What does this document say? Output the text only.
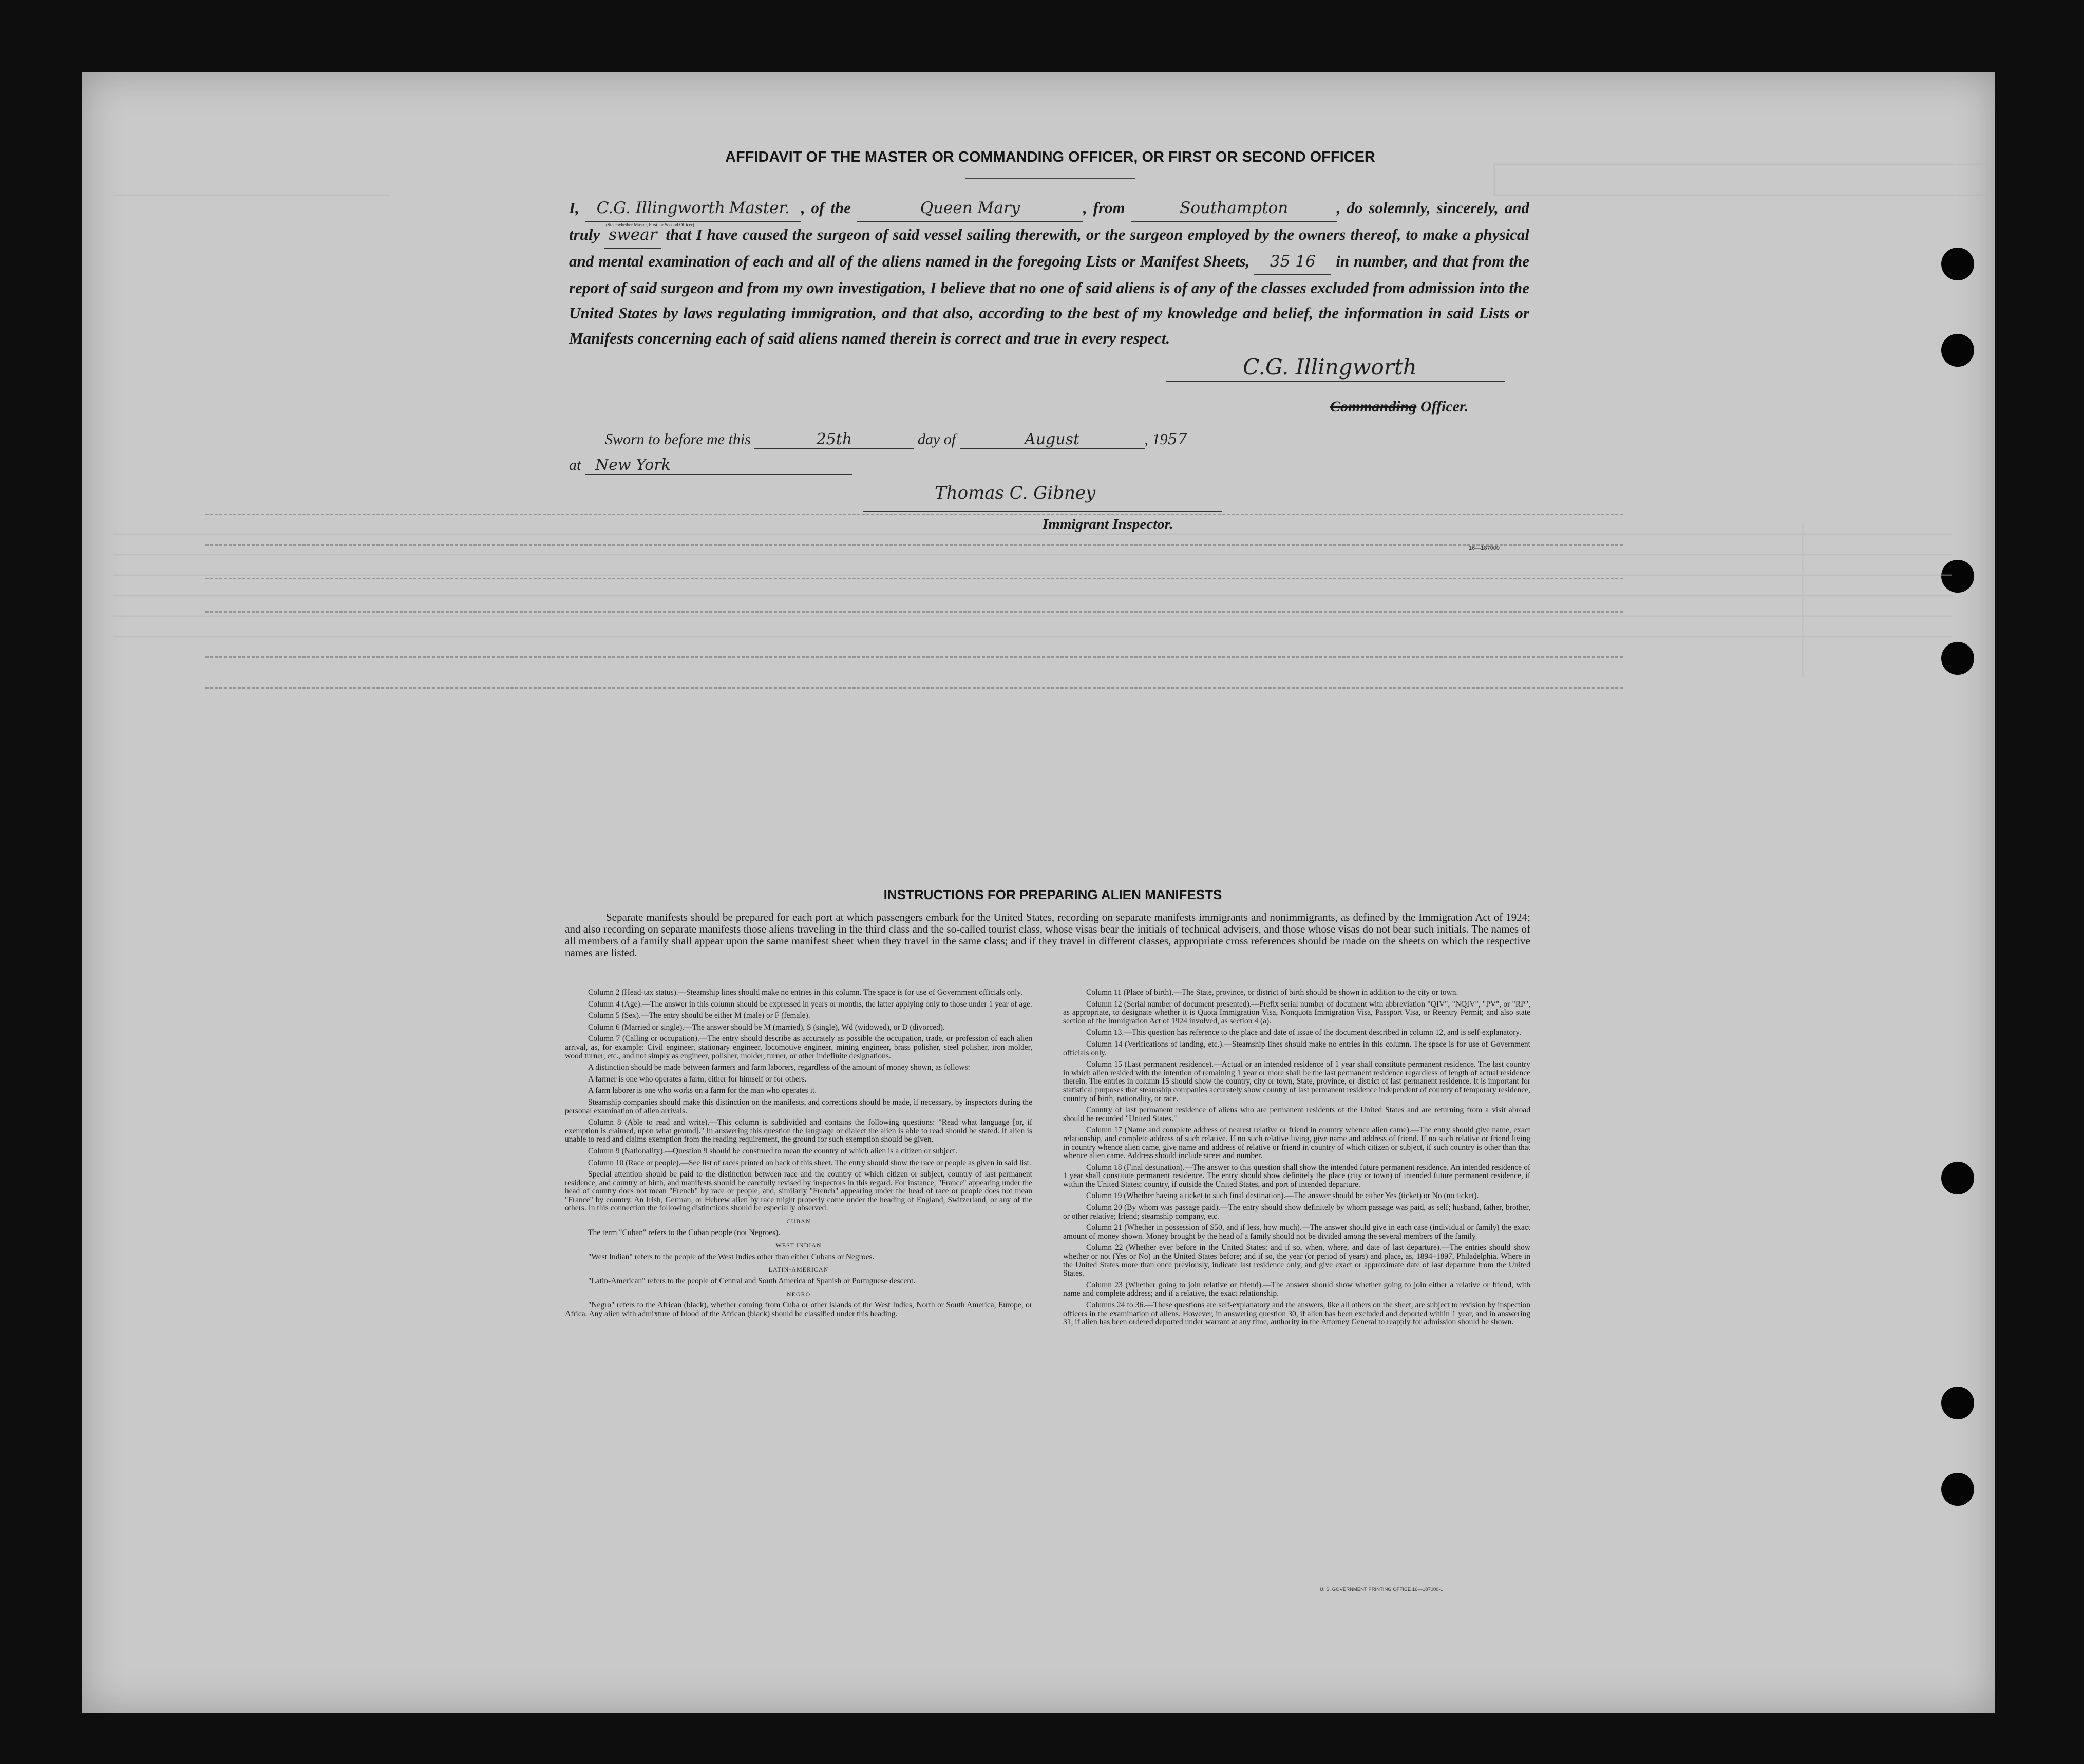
AFFIDAVIT OF THE MASTER OR COMMANDING OFFICER, OR FIRST OR SECOND OFFICER
I, C.G. Illingworth Master.
(State whether Master, First, or Second Officer)
, of the	Queen Mary	, from	Southampton	, do solemnly, sincerely, and truly swear that I have caused the surgeon of said vessel sailing therewith, or the surgeon employed by the owners thereof, to make a physical and mental examination of each and all of the aliens named in the foregoing Lists or Manifest Sheets, 35 16 in number, and that from the report of said surgeon and from my own investigation, I believe that no one of said aliens is of any of the classes excluded from admission into the United States by laws regulating immigration, and that also, according to the best of my knowledge and belief, the information in said Lists or Manifests concerning each of said aliens named therein is correct and true in every respect.
C.G. Illingworth
Commanding Officer.
Sworn to before me this	25th	day of	August	, 1957
at New York
Thomas C. Gibney
Immigrant Inspector.
16—187000
INSTRUCTIONS FOR PREPARING ALIEN MANIFESTS
Separate manifests should be prepared for each port at which passengers embark for the United States, recording on separate manifests immigrants and nonimmigrants, as defined by the Immigration Act of 1924; and also recording on separate manifests those aliens traveling in the third class and the so-called tourist class, whose visas bear the initials of technical advisers, and those whose visas do not bear such initials. The names of all members of a family shall appear upon the same manifest sheet when they travel in the same class; and if they travel in different classes, appropriate cross references should be made on the sheets on which the respective names are listed.

Column 2 (Head-tax status).—Steamship lines should make no entries in this column. The space is for use of Government officials only.

Column 4 (Age).—The answer in this column should be expressed in years or months, the latter applying only to those under 1 year of age.

Column 5 (Sex).—The entry should be either M (male) or F (female).

Column 6 (Married or single).—The answer should be M (married), S (single), Wd (widowed), or D (divorced).

Column 7 (Calling or occupation).—The entry should describe as accurately as possible the occupation, trade, or profession of each alien arrival, as, for example: Civil engineer, stationary engineer, locomotive engineer, mining engineer, brass polisher, steel polisher, iron molder, wood turner, etc., and not simply as engineer, polisher, molder, turner, or other indefinite designations.

A distinction should be made between farmers and farm laborers, regardless of the amount of money shown, as follows:

A farmer is one who operates a farm, either for himself or for others.

A farm laborer is one who works on a farm for the man who operates it.

Steamship companies should make this distinction on the manifests, and corrections should be made, if necessary, by inspectors during the personal examination of alien arrivals.

Column 8 (Able to read and write).—This column is subdivided and contains the following questions: "Read what language [or, if exemption is claimed, upon what ground]." In answering this question the language or dialect the alien is able to read should be stated. If alien is unable to read and claims exemption from the reading requirement, the ground for such exemption should be given.

Column 9 (Nationality).—Question 9 should be construed to mean the country of which alien is a citizen or subject.

Column 10 (Race or people).—See list of races printed on back of this sheet. The entry should show the race or people as given in said list.

Special attention should be paid to the distinction between race and the country of which citizen or subject, country of last permanent residence, and country of birth, and manifests should be carefully revised by inspectors in this regard. For instance, "France" appearing under the head of country does not mean "French" by race or people, and, similarly "French" appearing under the head of race or people does not mean "France" by country. An Irish, German, or Hebrew alien by race might properly come under the heading of England, Switzerland, or any of the others. In this connection the following distinctions should be especially observed:

CUBAN

The term "Cuban" refers to the Cuban people (not Negroes).

WEST INDIAN

"West Indian" refers to the people of the West Indies other than either Cubans or Negroes.

LATIN-AMERICAN

"Latin-American" refers to the people of Central and South America of Spanish or Portuguese descent.

NEGRO

"Negro" refers to the African (black), whether coming from Cuba or other islands of the West Indies, North or South America, Europe, or Africa. Any alien with admixture of blood of the African (black) should be classified under this heading.

Column 11 (Place of birth).—The State, province, or district of birth should be shown in addition to the city or town.

Column 12 (Serial number of document presented).—Prefix serial number of document with abbreviation "QIV", "NQIV", "PV", or "RP", as appropriate, to designate whether it is Quota Immigration Visa, Nonquota Immigration Visa, Passport Visa, or Reentry Permit; and also state section of the Immigration Act of 1924 involved, as section 4 (a).

Column 13.—This question has reference to the place and date of issue of the document described in column 12, and is self-explanatory.

Column 14 (Verifications of landing, etc.).—Steamship lines should make no entries in this column. The space is for use of Government officials only.

Column 15 (Last permanent residence).—Actual or an intended residence of 1 year shall constitute permanent residence. The last country in which alien resided with the intention of remaining 1 year or more shall be the last permanent residence regardless of length of actual residence therein. The entries in column 15 should show the country, city or town, State, province, or district of last permanent residence. It is important for statistical purposes that steamship companies accurately show country of last permanent residence independent of country of temporary residence, country of birth, nationality, or race.

Country of last permanent residence of aliens who are permanent residents of the United States and are returning from a visit abroad should be recorded "United States."

Column 17 (Name and complete address of nearest relative or friend in country whence alien came).—The entry should give name, exact relationship, and complete address of such relative. If no such relative living, give name and address of friend. If no such relative or friend living in country whence alien came, give name and address of relative or friend in country of which citizen or subject, if such country is other than that whence alien came. Address should include street and number.

Column 18 (Final destination).—The answer to this question shall show the intended future permanent residence. An intended residence of 1 year shall constitute permanent residence. The entry should show definitely the place (city or town) of intended future permanent residence, if within the United States; country, if outside the United States, and port of intended departure.

Column 19 (Whether having a ticket to such final destination).—The answer should be either Yes (ticket) or No (no ticket).

Column 20 (By whom was passage paid).—The entry should show definitely by whom passage was paid, as self; husband, father, brother, or other relative; friend; steamship company, etc.

Column 21 (Whether in possession of $50, and if less, how much).—The answer should give in each case (individual or family) the exact amount of money shown. Money brought by the head of a family should not be divided among the several members of the family.

Column 22 (Whether ever before in the United States; and if so, when, where, and date of last departure).—The entries should show whether or not (Yes or No) in the United States before; and if so, the year (or period of years) and place, as, 1894–1897, Philadelphia. Where in the United States more than once previously, indicate last residence only, and give exact or approximate date of last departure from the United States.

Column 23 (Whether going to join relative or friend).—The answer should show whether going to join either a relative or friend, with name and complete address; and if a relative, the exact relationship.

Columns 24 to 36.—These questions are self-explanatory and the answers, like all others on the sheet, are subject to revision by inspection officers in the examination of aliens. However, in answering question 30, if alien has been excluded and deported within 1 year, and in answering 31, if alien has been ordered deported under warrant at any time, authority in the Attorney General to reapply for admission should be shown.

U. S. GOVERNMENT PRINTING OFFICE 16—187000-1
